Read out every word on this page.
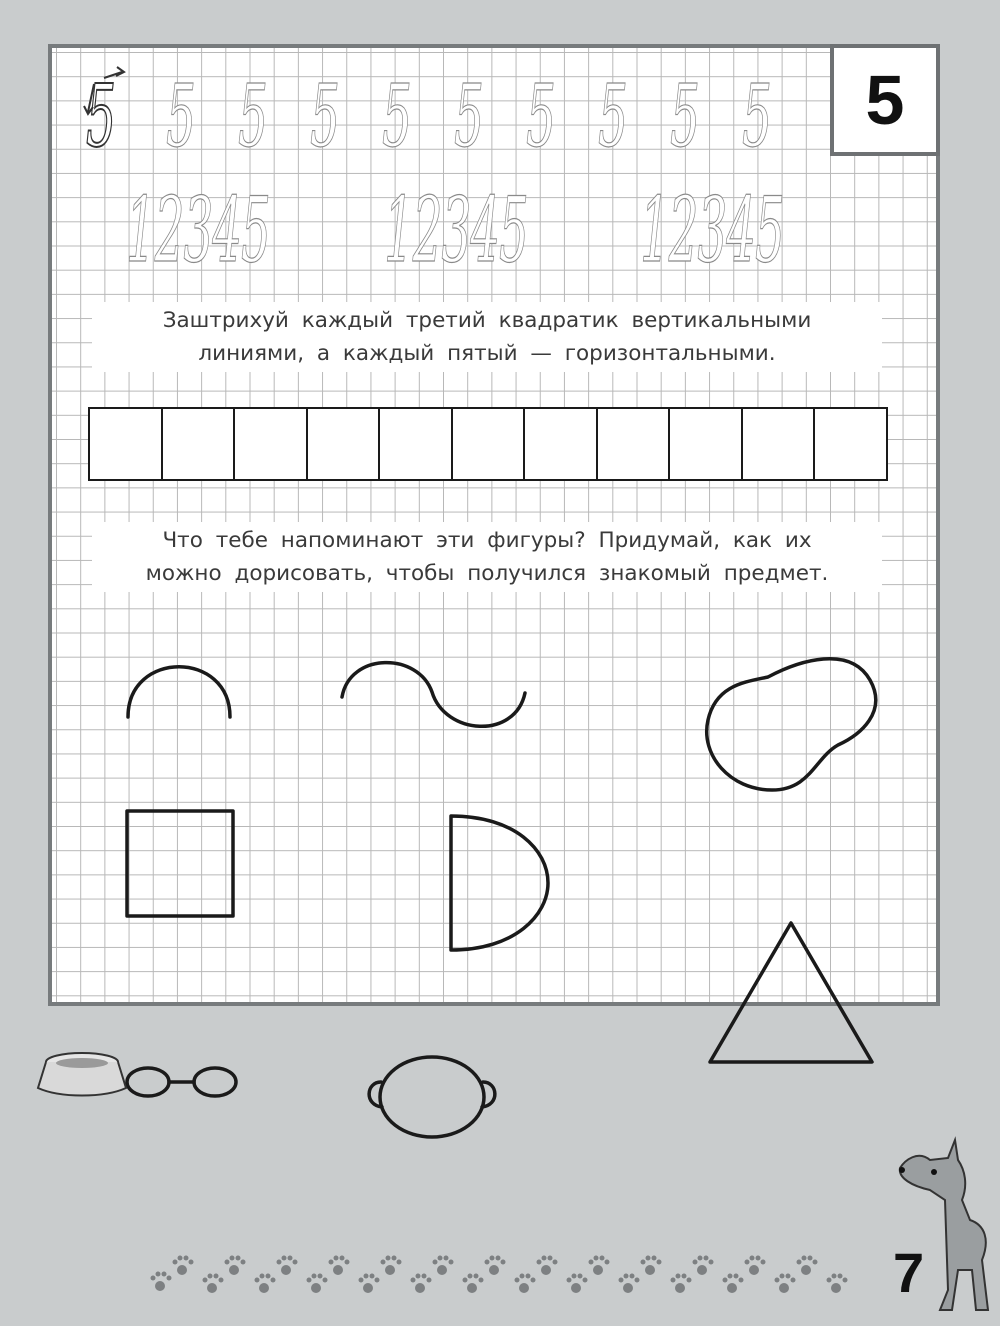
5
5 5 5 5 5 5 5 5 5 5
12345 12345 12345
Заштрихуй каждый третий квадратик вертикальными
линиями, а каждый пятый — горизонтальными.
Что тебе напоминают эти фигуры? Придумай, как их
можно дорисовать, чтобы получился знакомый предмет.
7
